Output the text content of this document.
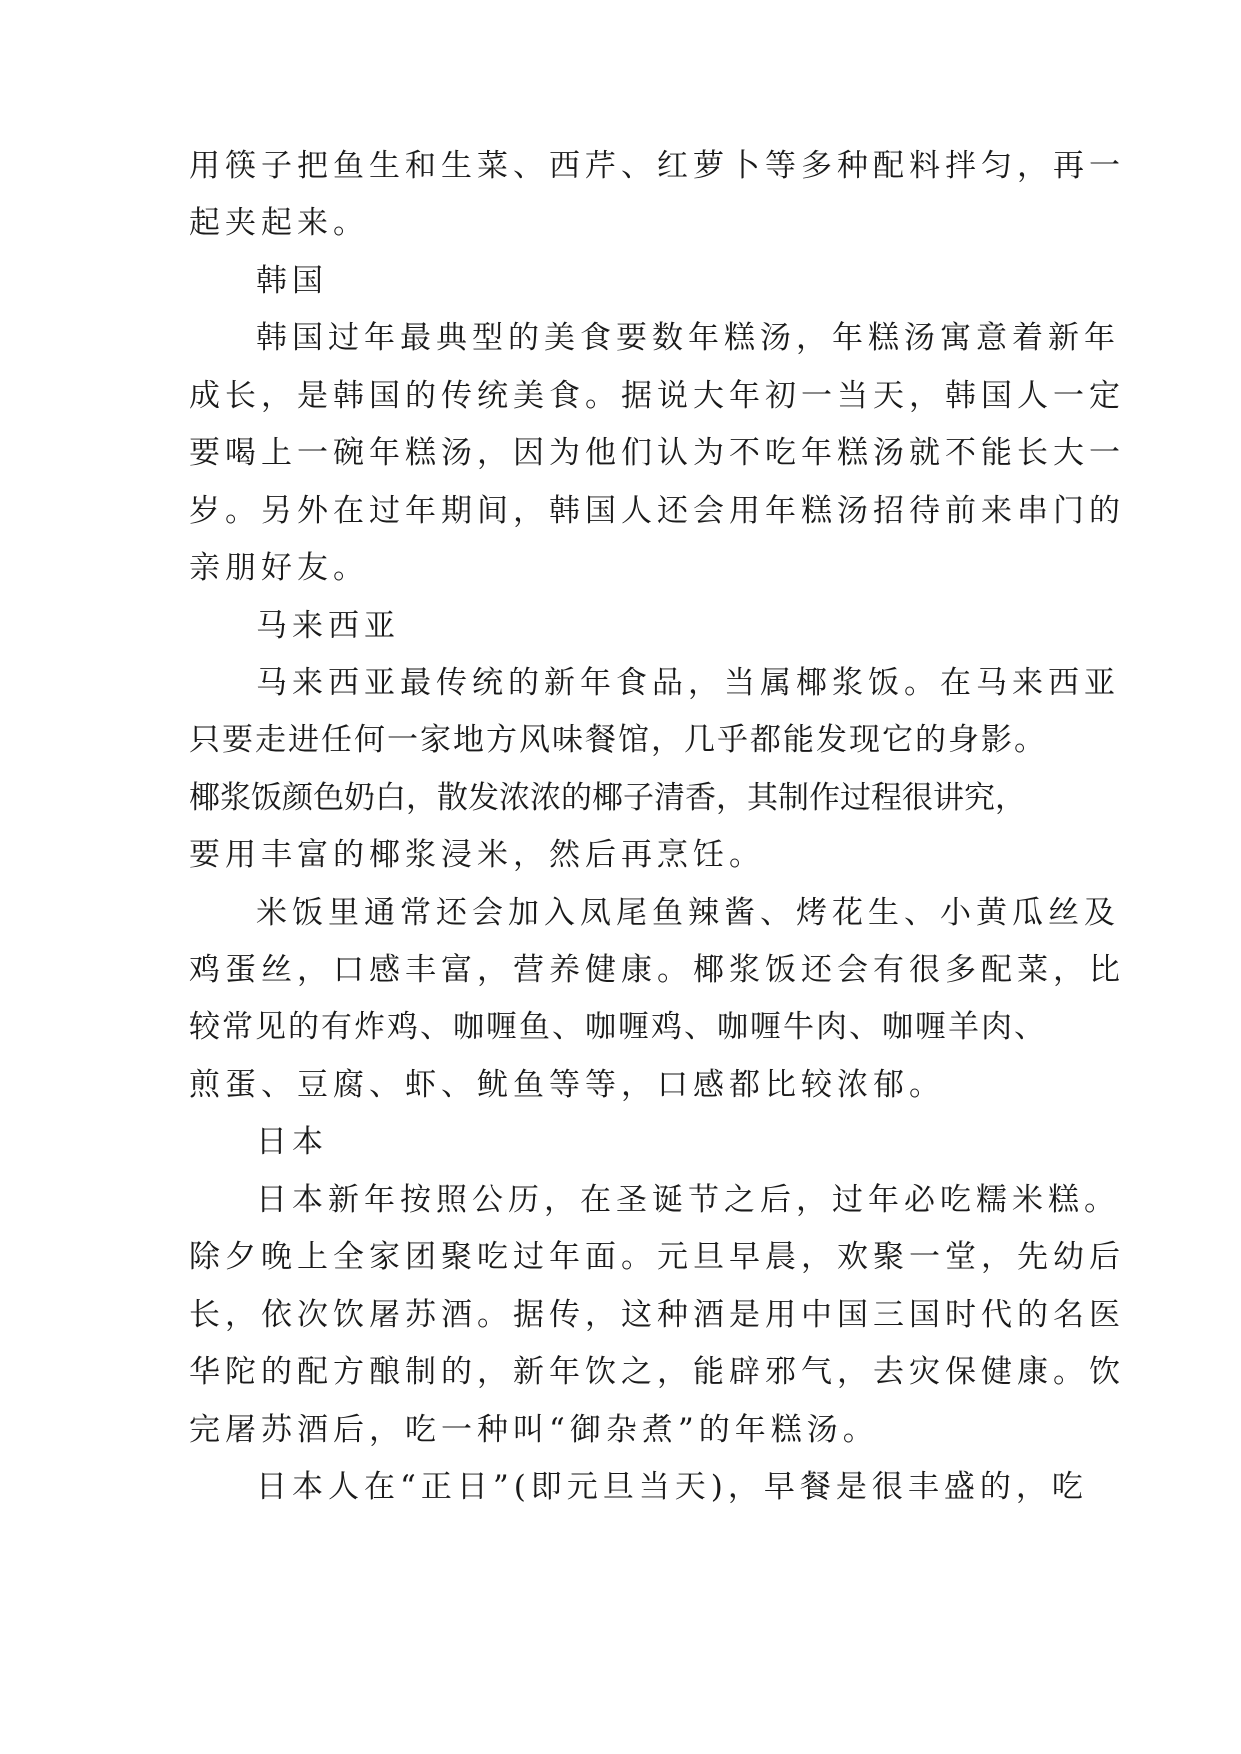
用筷子把鱼生和生菜、西芹、红萝卜等多种配料拌匀，再一
起夹起来。
韩国
韩国过年最典型的美食要数年糕汤，年糕汤寓意着新年
成长，是韩国的传统美食。据说大年初一当天，韩国人一定
要喝上一碗年糕汤，因为他们认为不吃年糕汤就不能长大一
岁。另外在过年期间，韩国人还会用年糕汤招待前来串门的
亲朋好友。
马来西亚
马来西亚最传统的新年食品，当属椰浆饭。在马来西亚
只要走进任何一家地方风味餐馆，几乎都能发现它的身影。
椰浆饭颜色奶白，散发浓浓的椰子清香，其制作过程很讲究，
要用丰富的椰浆浸米，然后再烹饪。
米饭里通常还会加入凤尾鱼辣酱、烤花生、小黄瓜丝及
鸡蛋丝，口感丰富，营养健康。椰浆饭还会有很多配菜，比
较常见的有炸鸡、咖喱鱼、咖喱鸡、咖喱牛肉、咖喱羊肉、
煎蛋、豆腐、虾、鱿鱼等等，口感都比较浓郁。
日本
日本新年按照公历，在圣诞节之后，过年必吃糯米糕。
除夕晚上全家团聚吃过年面。元旦早晨，欢聚一堂，先幼后
长，依次饮屠苏酒。据传，这种酒是用中国三国时代的名医
华陀的配方酿制的，新年饮之，能辟邪气，去灾保健康。饮
完屠苏酒后，吃一种叫“御杂煮”的年糕汤。
日本人在“正日”(即元旦当天)，早餐是很丰盛的，吃
